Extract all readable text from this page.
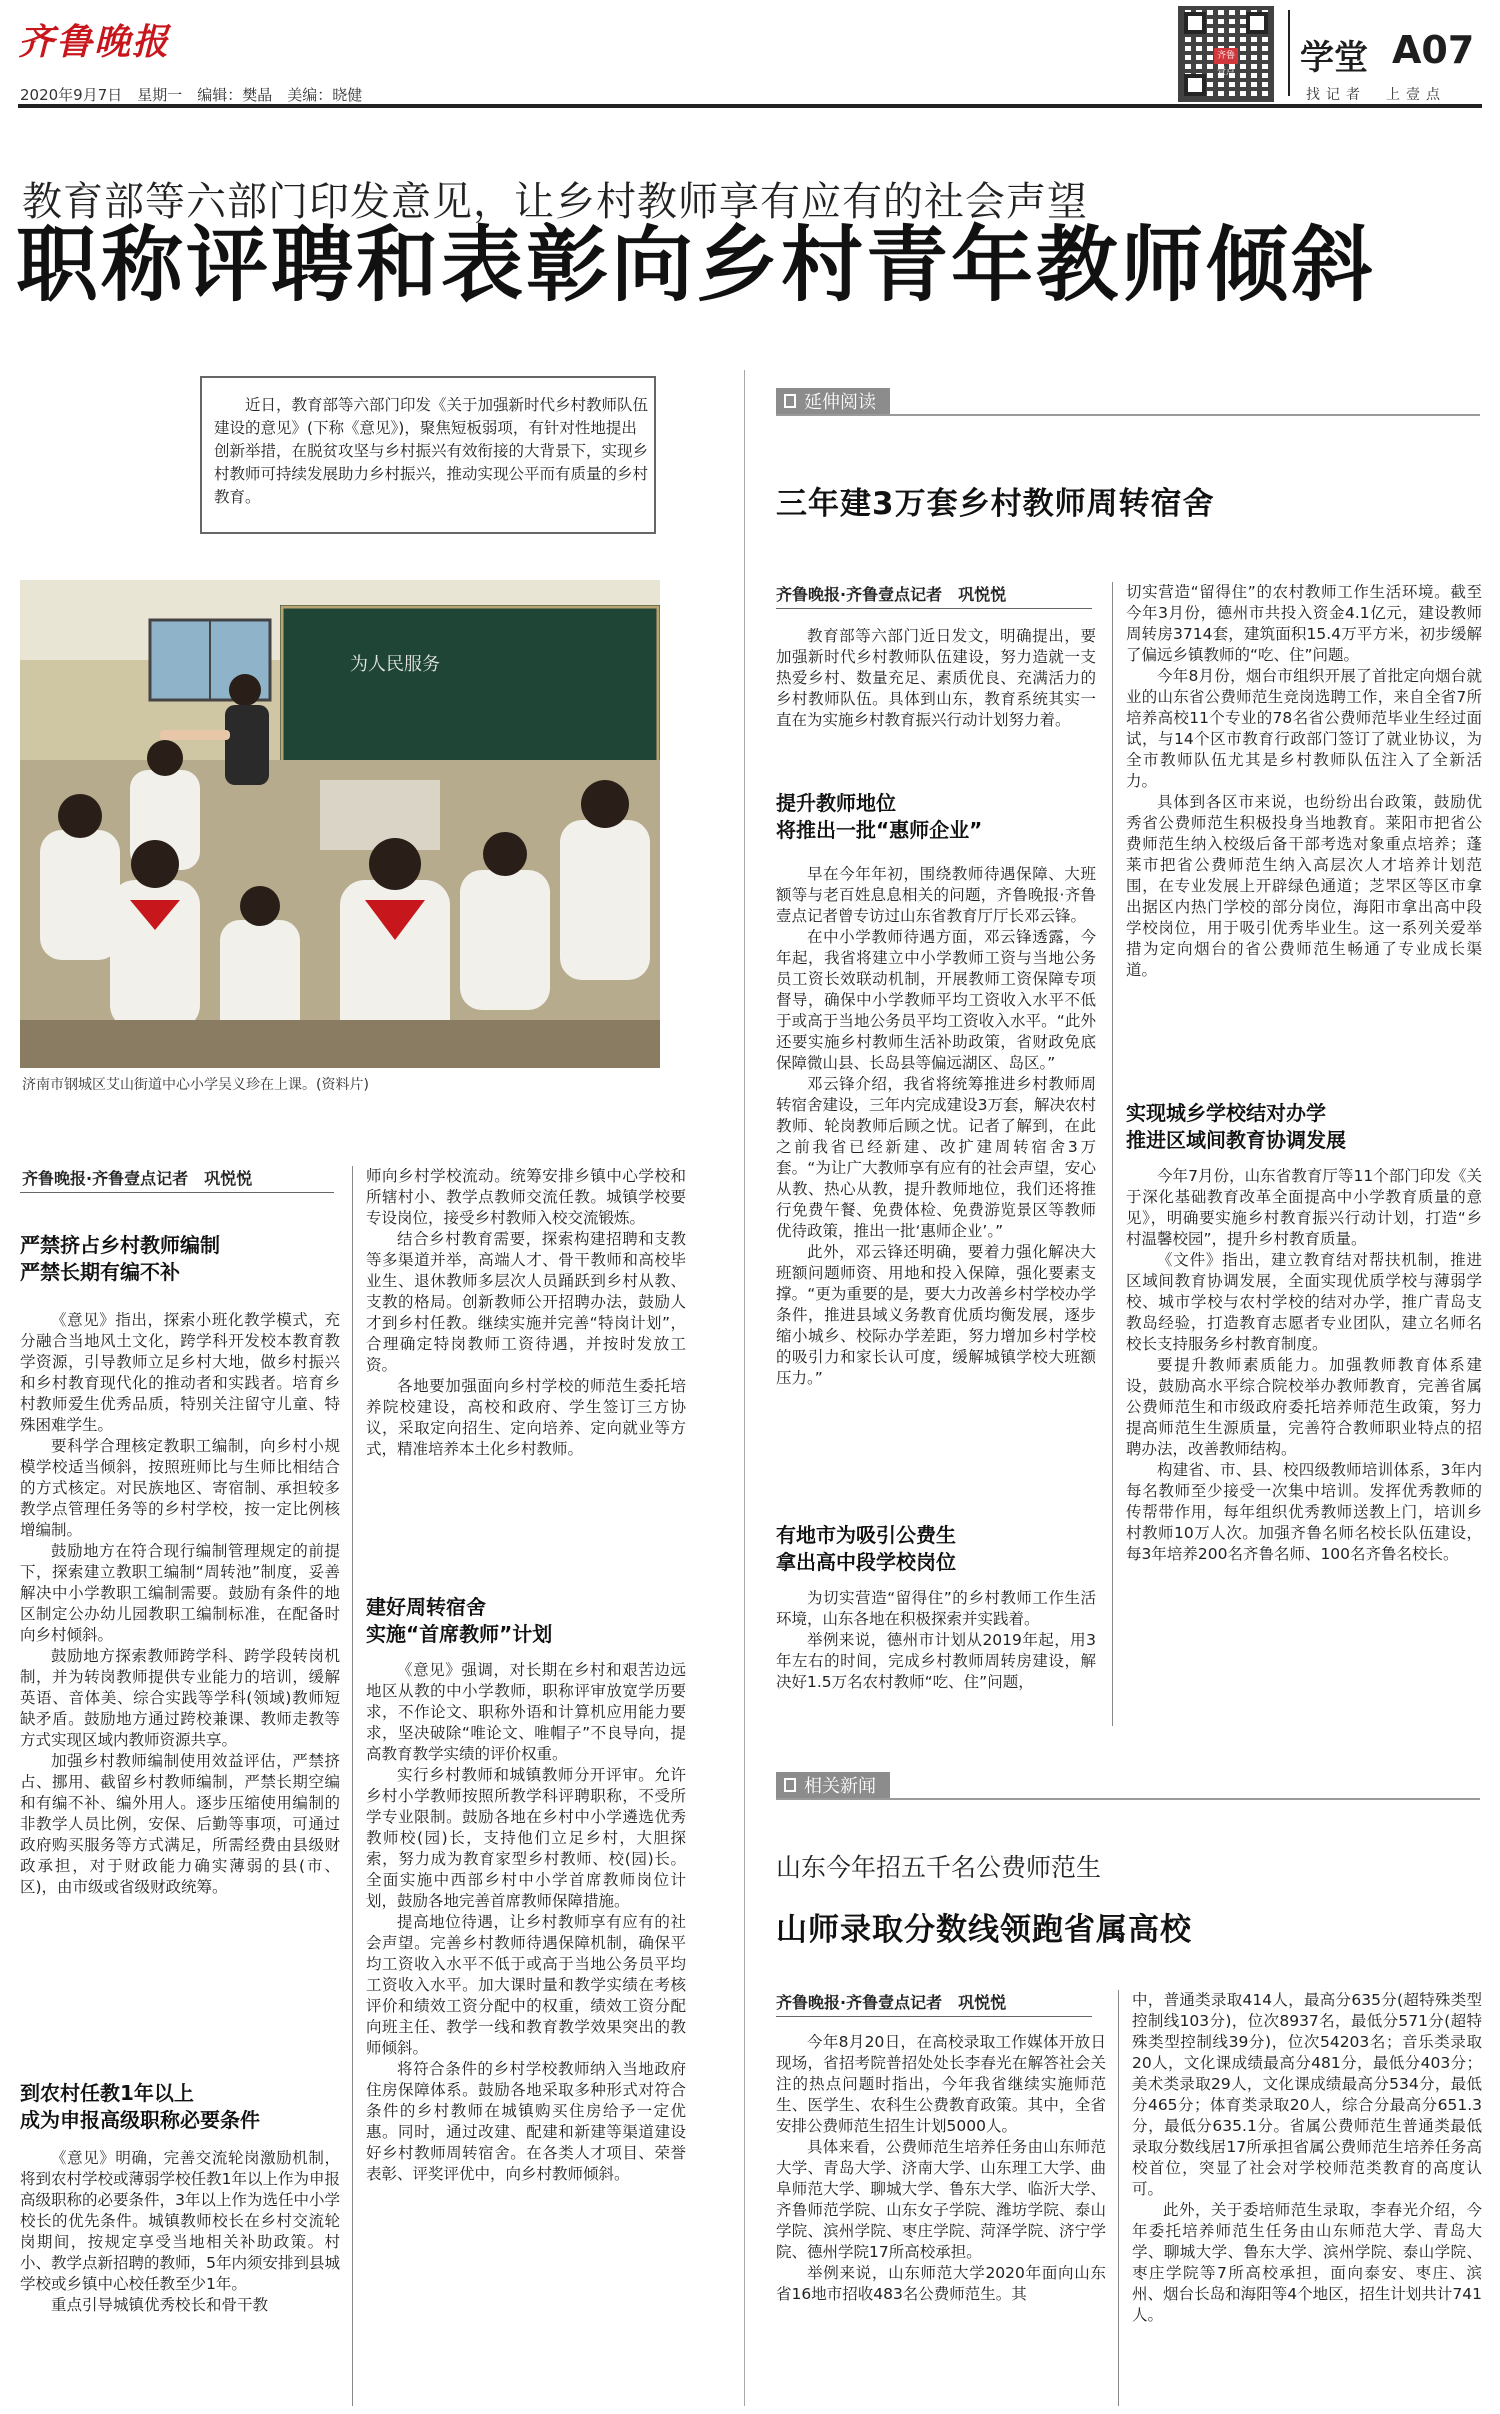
齐鲁晚报
2020年9月7日　星期一　编辑：樊晶　美编：晓健
齐鲁壹点 学堂 A07
找记者　上壹点
教育部等六部门印发意见，让乡村教师享有应有的社会声望
职称评聘和表彰向乡村青年教师倾斜
近日，教育部等六部门印发《关于加强新时代乡村教师队伍建设的意见》(下称《意见》)，聚焦短板弱项，有针对性地提出创新举措，在脱贫攻坚与乡村振兴有效衔接的大背景下，实现乡村教师可持续发展助力乡村振兴，推动实现公平而有质量的乡村教育。
为人民服务
济南市钢城区艾山街道中心小学吴义珍在上课。(资料片)
齐鲁晚报·齐鲁壹点记者　巩悦悦
严禁挤占乡村教师编制
严禁长期有编不补

《意见》指出，探索小班化教学模式，充分融合当地风土文化，跨学科开发校本教育教学资源，引导教师立足乡村大地，做乡村振兴和乡村教育现代化的推动者和实践者。培育乡村教师爱生优秀品质，特别关注留守儿童、特殊困难学生。

要科学合理核定教职工编制，向乡村小规模学校适当倾斜，按照班师比与生师比相结合的方式核定。对民族地区、寄宿制、承担较多教学点管理任务等的乡村学校，按一定比例核增编制。

鼓励地方在符合现行编制管理规定的前提下，探索建立教职工编制“周转池”制度，妥善解决中小学教职工编制需要。鼓励有条件的地区制定公办幼儿园教职工编制标准，在配备时向乡村倾斜。

鼓励地方探索教师跨学科、跨学段转岗机制，并为转岗教师提供专业能力的培训，缓解英语、音体美、综合实践等学科(领域)教师短缺矛盾。鼓励地方通过跨校兼课、教师走教等方式实现区域内教师资源共享。

加强乡村教师编制使用效益评估，严禁挤占、挪用、截留乡村教师编制，严禁长期空编和有编不补、编外用人。逐步压缩使用编制的非教学人员比例，安保、后勤等事项，可通过政府购买服务等方式满足，所需经费由县级财政承担，对于财政能力确实薄弱的县(市、区)，由市级或省级财政统筹。

到农村任教1年以上
成为申报高级职称必要条件

《意见》明确，完善交流轮岗激励机制，将到农村学校或薄弱学校任教1年以上作为申报高级职称的必要条件，3年以上作为选任中小学校长的优先条件。城镇教师校长在乡村交流轮岗期间，按规定享受当地相关补助政策。村小、教学点新招聘的教师，5年内须安排到县城学校或乡镇中心校任教至少1年。

重点引导城镇优秀校长和骨干教

师向乡村学校流动。统筹安排乡镇中心学校和所辖村小、教学点教师交流任教。城镇学校要专设岗位，接受乡村教师入校交流锻炼。

结合乡村教育需要，探索构建招聘和支教等多渠道并举，高端人才、骨干教师和高校毕业生、退休教师多层次人员踊跃到乡村从教、支教的格局。创新教师公开招聘办法，鼓励人才到乡村任教。继续实施并完善“特岗计划”，合理确定特岗教师工资待遇，并按时发放工资。

各地要加强面向乡村学校的师范生委托培养院校建设，高校和政府、学生签订三方协议，采取定向招生、定向培养、定向就业等方式，精准培养本土化乡村教师。

建好周转宿舍
实施“首席教师”计划

《意见》强调，对长期在乡村和艰苦边远地区从教的中小学教师，职称评审放宽学历要求，不作论文、职称外语和计算机应用能力要求，坚决破除“唯论文、唯帽子”不良导向，提高教育教学实绩的评价权重。

实行乡村教师和城镇教师分开评审。允许乡村小学教师按照所教学科评聘职称，不受所学专业限制。鼓励各地在乡村中小学遴选优秀教师校(园)长，支持他们立足乡村，大胆探索，努力成为教育家型乡村教师、校(园)长。全面实施中西部乡村中小学首席教师岗位计划，鼓励各地完善首席教师保障措施。

提高地位待遇，让乡村教师享有应有的社会声望。完善乡村教师待遇保障机制，确保平均工资收入水平不低于或高于当地公务员平均工资收入水平。加大课时量和教学实绩在考核评价和绩效工资分配中的权重，绩效工资分配向班主任、教学一线和教育教学效果突出的教师倾斜。

将符合条件的乡村学校教师纳入当地政府住房保障体系。鼓励各地采取多种形式对符合条件的乡村教师在城镇购买住房给予一定优惠。同时，通过改建、配建和新建等渠道建设好乡村教师周转宿舍。在各类人才项目、荣誉表彰、评奖评优中，向乡村教师倾斜。

延伸阅读
三年建3万套乡村教师周转宿舍
齐鲁晚报·齐鲁壹点记者　巩悦悦

教育部等六部门近日发文，明确提出，要加强新时代乡村教师队伍建设，努力造就一支热爱乡村、数量充足、素质优良、充满活力的乡村教师队伍。具体到山东，教育系统其实一直在为实施乡村教育振兴行动计划努力着。

提升教师地位
将推出一批“惠师企业”

早在今年年初，围绕教师待遇保障、大班额等与老百姓息息相关的问题，齐鲁晚报·齐鲁壹点记者曾专访过山东省教育厅厅长邓云锋。

在中小学教师待遇方面，邓云锋透露，今年起，我省将建立中小学教师工资与当地公务员工资长效联动机制，开展教师工资保障专项督导，确保中小学教师平均工资收入水平不低于或高于当地公务员平均工资收入水平。“此外还要实施乡村教师生活补助政策，省财政免底保障微山县、长岛县等偏远湖区、岛区。”

邓云锋介绍，我省将统筹推进乡村教师周转宿舍建设，三年内完成建设3万套，解决农村教师、轮岗教师后顾之忧。记者了解到，在此之前我省已经新建、改扩建周转宿舍3万套。“为让广大教师享有应有的社会声望，安心从教、热心从教，提升教师地位，我们还将推行免费午餐、免费体检、免费游览景区等教师优待政策，推出一批‘惠师企业’。”

此外，邓云锋还明确，要着力强化解决大班额问题师资、用地和投入保障，强化要素支撑。“更为重要的是，要大力改善乡村学校办学条件，推进县域义务教育优质均衡发展，逐步缩小城乡、校际办学差距，努力增加乡村学校的吸引力和家长认可度，缓解城镇学校大班额压力。”

有地市为吸引公费生
拿出高中段学校岗位

为切实营造“留得住”的乡村教师工作生活环境，山东各地在积极探索并实践着。

举例来说，德州市计划从2019年起，用3年左右的时间，完成乡村教师周转房建设，解决好1.5万名农村教师“吃、住”问题，

切实营造“留得住”的农村教师工作生活环境。截至今年3月份，德州市共投入资金4.1亿元，建设教师周转房3714套，建筑面积15.4万平方米，初步缓解了偏远乡镇教师的“吃、住”问题。

今年8月份，烟台市组织开展了首批定向烟台就业的山东省公费师范生竞岗选聘工作，来自全省7所培养高校11个专业的78名省公费师范毕业生经过面试，与14个区市教育行政部门签订了就业协议，为全市教师队伍尤其是乡村教师队伍注入了全新活力。

具体到各区市来说，也纷纷出台政策，鼓励优秀省公费师范生积极投身当地教育。莱阳市把省公费师范生纳入校级后备干部考选对象重点培养；蓬莱市把省公费师范生纳入高层次人才培养计划范围，在专业发展上开辟绿色通道；芝罘区等区市拿出据区内热门学校的部分岗位，海阳市拿出高中段学校岗位，用于吸引优秀毕业生。这一系列关爱举措为定向烟台的省公费师范生畅通了专业成长渠道。

实现城乡学校结对办学
推进区域间教育协调发展

今年7月份，山东省教育厅等11个部门印发《关于深化基础教育改革全面提高中小学教育质量的意见》，明确要实施乡村教育振兴行动计划，打造“乡村温馨校园”，提升乡村教育质量。

《文件》指出，建立教育结对帮扶机制，推进区域间教育协调发展，全面实现优质学校与薄弱学校、城市学校与农村学校的结对办学，推广青岛支教岛经验，打造教育志愿者专业团队，建立名师名校长支持服务乡村教育制度。

要提升教师素质能力。加强教师教育体系建设，鼓励高水平综合院校举办教师教育，完善省属公费师范生和市级政府委托培养师范生政策，努力提高师范生生源质量，完善符合教师职业特点的招聘办法，改善教师结构。

构建省、市、县、校四级教师培训体系，3年内每名教师至少接受一次集中培训。发挥优秀教师的传帮带作用，每年组织优秀教师送教上门，培训乡村教师10万人次。加强齐鲁名师名校长队伍建设，每3年培养200名齐鲁名师、100名齐鲁名校长。

相关新闻
山东今年招五千名公费师范生
山师录取分数线领跑省属高校
齐鲁晚报·齐鲁壹点记者　巩悦悦

今年8月20日，在高校录取工作媒体开放日现场，省招考院普招处处长李春光在解答社会关注的热点问题时指出，今年我省继续实施师范生、医学生、农科生公费教育政策。其中，全省安排公费师范生招生计划5000人。

具体来看，公费师范生培养任务由山东师范大学、青岛大学、济南大学、山东理工大学、曲阜师范大学、聊城大学、鲁东大学、临沂大学、齐鲁师范学院、山东女子学院、潍坊学院、泰山学院、滨州学院、枣庄学院、菏泽学院、济宁学院、德州学院17所高校承担。

举例来说，山东师范大学2020年面向山东省16地市招收483名公费师范生。其

中，普通类录取414人，最高分635分(超特殊类型控制线103分)，位次8937名，最低分571分(超特殊类型控制线39分)，位次54203名；音乐类录取20人，文化课成绩最高分481分，最低分403分；美术类录取29人，文化课成绩最高分534分，最低分465分；体育类录取20人，综合分最高分651.3分，最低分635.1分。省属公费师范生普通类最低录取分数线居17所承担省属公费师范生培养任务高校首位，突显了社会对学校师范类教育的高度认可。

此外，关于委培师范生录取，李春光介绍，今年委托培养师范生任务由山东师范大学、青岛大学、聊城大学、鲁东大学、滨州学院、泰山学院、枣庄学院等7所高校承担，面向泰安、枣庄、滨州、烟台长岛和海阳等4个地区，招生计划共计741人。
